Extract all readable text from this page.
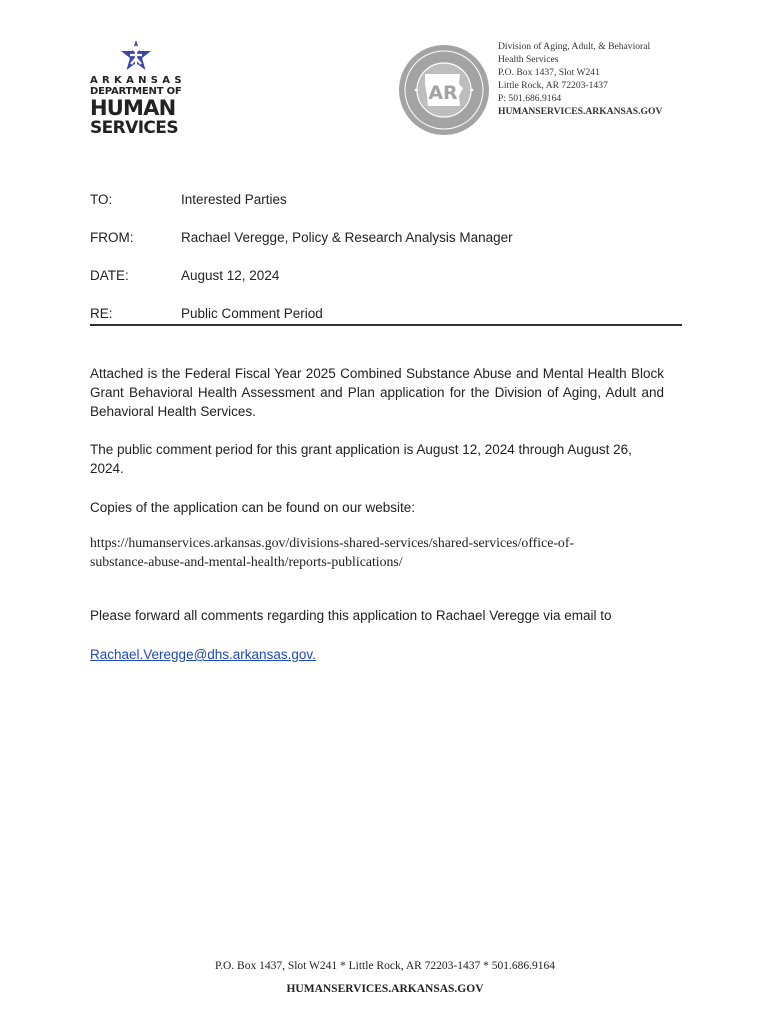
ARKANSAS
DEPARTMENT OF
HUMAN
SERVICES
AR
Division of Aging, Adult, & Behavioral
Health Services
P.O. Box 1437, Slot W241
Little Rock, AR 72203-1437
P: 501.686.9164
HUMANSERVICES.ARKANSAS.GOV
TO:	Interested Parties
FROM:	Rachael Veregge, Policy & Research Analysis Manager
DATE:	August 12, 2024
RE:	Public Comment Period
Attached is the Federal Fiscal Year 2025 Combined Substance Abuse and Mental Health Block Grant Behavioral Health Assessment and Plan application for the Division of Aging, Adult and Behavioral Health Services.
The public comment period for this grant application is August 12, 2024 through August 26, 2024.
Copies of the application can be found on our website:
https://humanservices.arkansas.gov/divisions-shared-services/shared-services/office-of-
substance-abuse-and-mental-health/reports-publications/
Please forward all comments regarding this application to Rachael Veregge via email to
Rachael.Veregge@dhs.arkansas.gov.
P.O. Box 1437, Slot W241 * Little Rock, AR 72203-1437 * 501.686.9164
HUMANSERVICES.ARKANSAS.GOV
